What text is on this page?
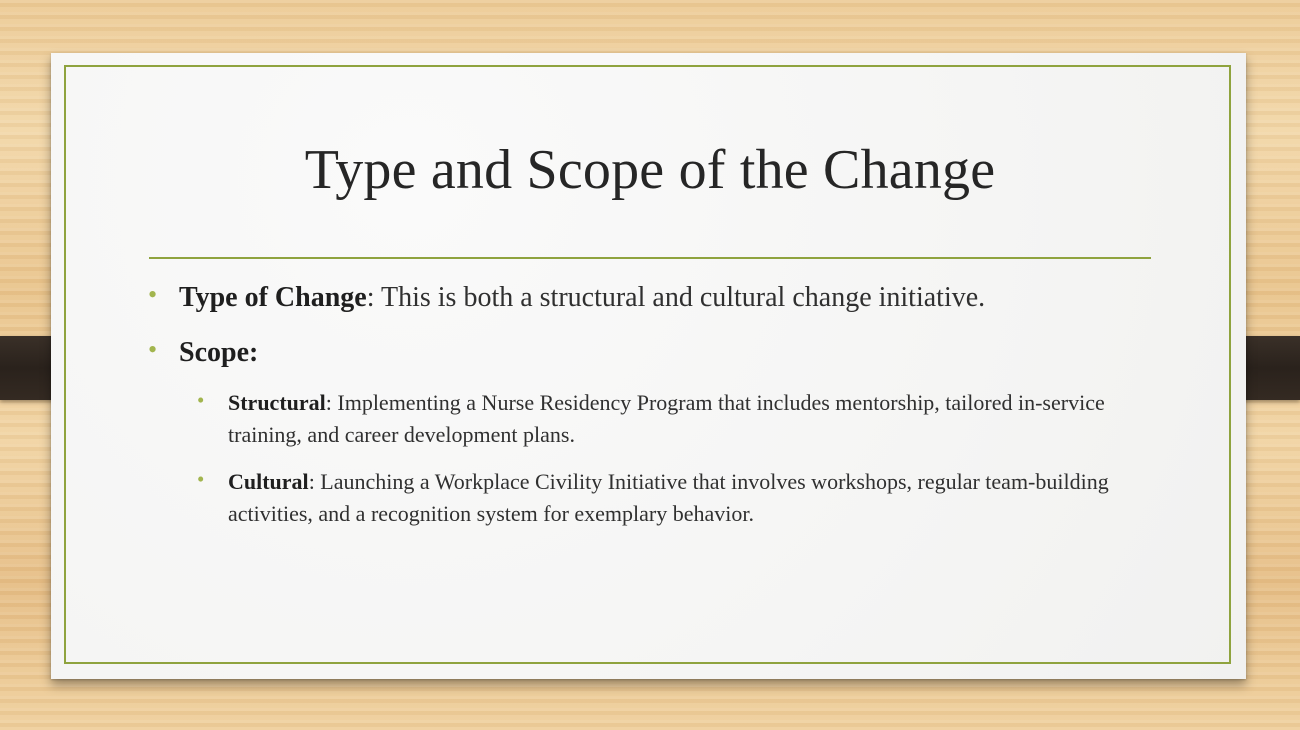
Type and Scope of the Change
• Type of Change: This is both a structural and cultural change initiative.
• Scope:
• Structural: Implementing a Nurse Residency Program that includes mentorship, tailored in-service training, and career development plans.
• Cultural: Launching a Workplace Civility Initiative that involves workshops, regular team-building activities, and a recognition system for exemplary behavior.
